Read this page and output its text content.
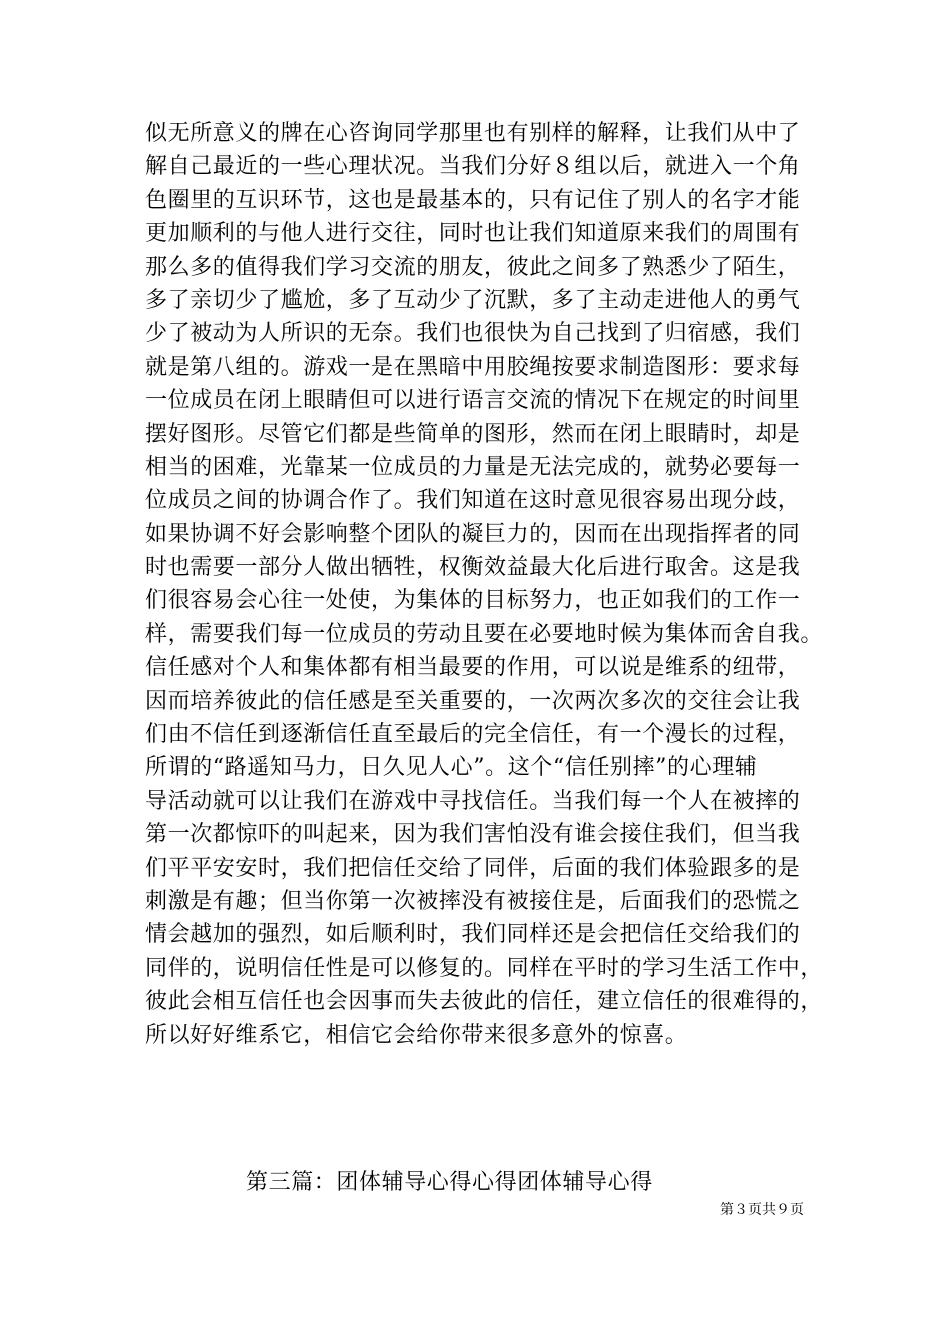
似无所意义的牌在心咨询同学那里也有别样的解释，让我们从中了
解自己最近的一些心理状况。当我们分好８组以后，就进入一个角
色圈里的互识环节，这也是最基本的，只有记住了别人的名字才能
更加顺利的与他人进行交往，同时也让我们知道原来我们的周围有
那么多的值得我们学习交流的朋友，彼此之间多了熟悉少了陌生，
多了亲切少了尴尬，多了互动少了沉默，多了主动走进他人的勇气
少了被动为人所识的无奈。我们也很快为自己找到了归宿感，我们
就是第八组的。游戏一是在黑暗中用胶绳按要求制造图形：要求每
一位成员在闭上眼睛但可以进行语言交流的情况下在规定的时间里
摆好图形。尽管它们都是些简单的图形，然而在闭上眼睛时，却是
相当的困难，光靠某一位成员的力量是无法完成的，就势必要每一
位成员之间的协调合作了。我们知道在这时意见很容易出现分歧，
如果协调不好会影响整个团队的凝巨力的，因而在出现指挥者的同
时也需要一部分人做出牺牲，权衡效益最大化后进行取舍。这是我
们很容易会心往一处使，为集体的目标努力，也正如我们的工作一
样，需要我们每一位成员的劳动且要在必要地时候为集体而舍自我。
信任感对个人和集体都有相当最要的作用，可以说是维系的纽带，
因而培养彼此的信任感是至关重要的，一次两次多次的交往会让我
们由不信任到逐渐信任直至最后的完全信任，有一个漫长的过程，
所谓的“路遥知马力，日久见人心”。这个“信任别摔”的心理辅
导活动就可以让我们在游戏中寻找信任。当我们每一个人在被摔的
第一次都惊吓的叫起来，因为我们害怕没有谁会接住我们，但当我
们平平安安时，我们把信任交给了同伴，后面的我们体验跟多的是
刺激是有趣；但当你第一次被摔没有被接住是，后面我们的恐慌之
情会越加的强烈，如后顺利时，我们同样还是会把信任交给我们的
同伴的，说明信任性是可以修复的。同样在平时的学习生活工作中，
彼此会相互信任也会因事而失去彼此的信任，建立信任的很难得的，
所以好好维系它，相信它会给你带来很多意外的惊喜。
第三篇：团体辅导心得心得团体辅导心得
第３页共９页
